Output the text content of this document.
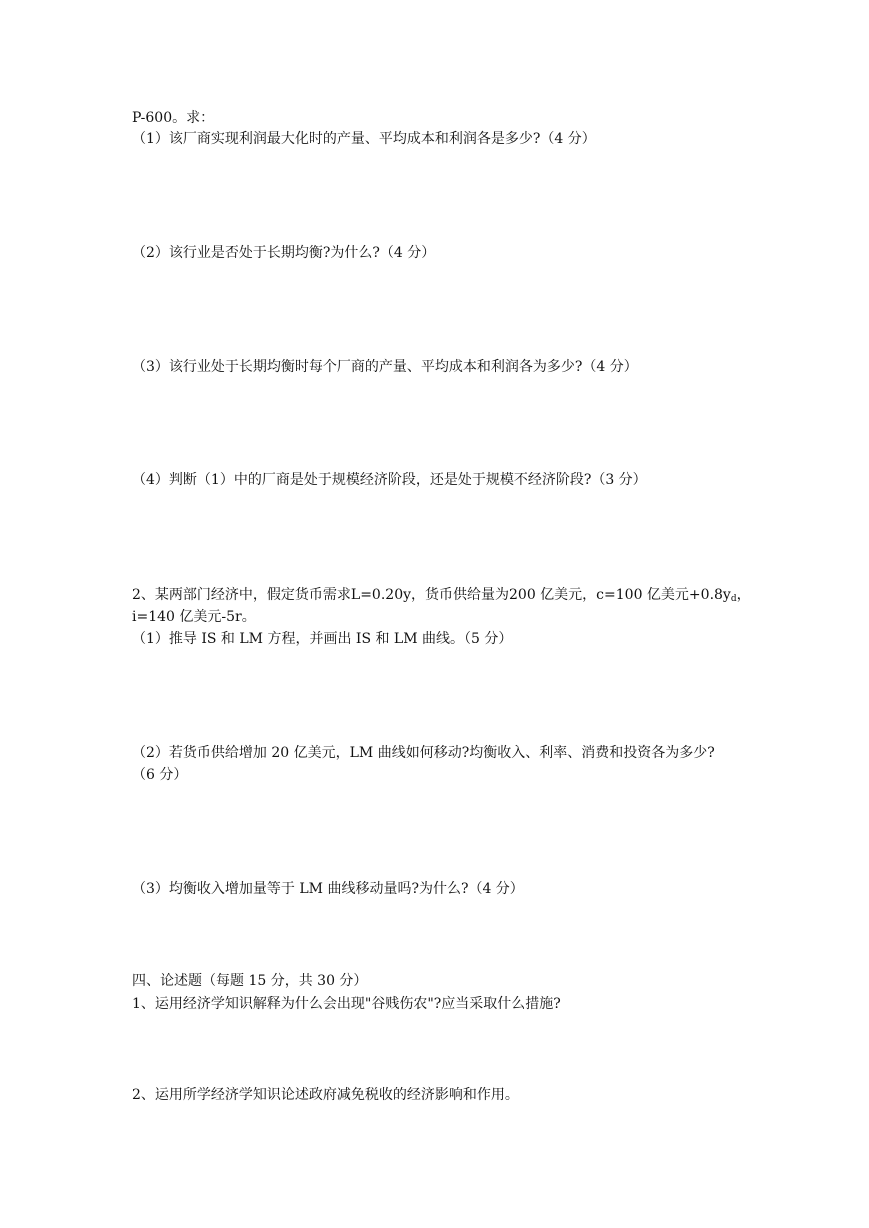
P-600。求：
（1）该厂商实现利润最大化时的产量、平均成本和利润各是多少?（4 分）
（2）该行业是否处于长期均衡?为什么?（4 分）
（3）该行业处于长期均衡时每个厂商的产量、平均成本和利润各为多少?（4 分）
（4）判断（1）中的厂商是处于规模经济阶段，还是处于规模不经济阶段?（3 分）
2、某两部门经济中，假定货币需求L=0.20y，货币供给量为200 亿美元，c=100 亿美元$+0.8y_d$，
i=140 亿美元-5r。
（1）推导 IS 和 LM 方程，并画出 IS 和 LM 曲线。（5 分）
（2）若货币供给增加 20 亿美元，LM 曲线如何移动?均衡收入、利率、消费和投资各为多少?
（6 分）
（3）均衡收入增加量等于 LM 曲线移动量吗?为什么?（4 分）
四、论述题（每题 15 分，共 30 分）
1、运用经济学知识解释为什么会出现"谷贱伤农"?应当采取什么措施?
2、运用所学经济学知识论述政府减免税收的经济影响和作用。
